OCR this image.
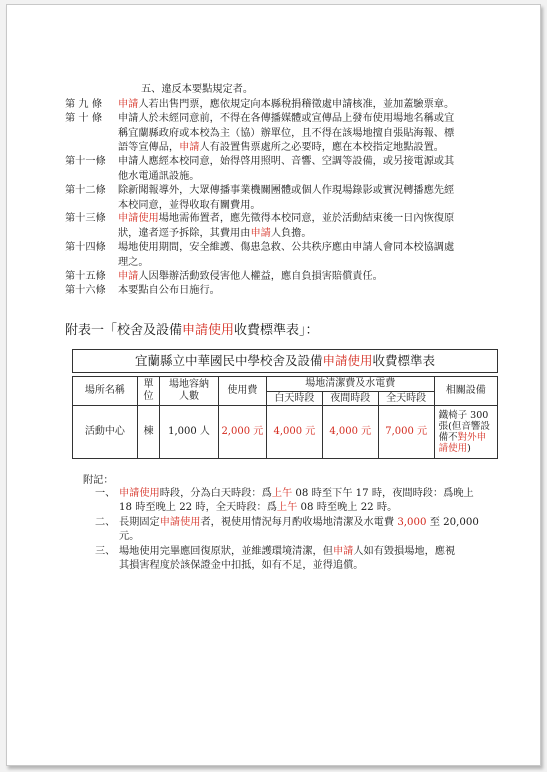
五、違反本要點規定者。
第 九 條 申請人若出售門票，應依規定向本縣稅捐稽徵處申請核准，並加蓋驗票章。
第 十 條 申請人於未經同意前，不得在各傳播媒體或宣傳品上發布使用場地名稱或宜
稱宜蘭縣政府或本校為主（協）辦單位，且不得在該場地擅自張貼海報、標
語等宣傳品，申請人有設置售票處所之必要時，應在本校指定地點設置。
第十一條 申請人應經本校同意，始得啓用照明、音響、空調等設備，或另接電源或其
他水電通訊設施。
第十二條 除新聞報導外，大眾傳播事業機關團體或個人作現場錄影或實況轉播應先經
本校同意，並得收取有關費用。
第十三條 申請使用場地需佈置者，應先徵得本校同意，並於活動結束後一日內恢復原
狀，違者逕予拆除，其費用由申請人負擔。
第十四條 場地使用期間，安全維護、傷患急救、公共秩序應由申請人會同本校協調處
理之。
第十五條 申請人因舉辦活動致侵害他人權益，應自負損害賠償責任。
第十六條 本要點自公布日施行。
附表一「校舍及設備申請使用收費標準表」：
宜蘭縣立中華國民中學校舍及設備申請使用收費標準表							

場所名稱	單位	場地容納人數	使用費	場地清潔費及水電費			相關設備
				白天時段	夜間時段	全天時段	
活動中心	棟	1,000 人	2,000 元	4,000 元	4,000 元	7,000 元	鐵椅子 300
張(但音響設
備不對外申
請使用)
附記：
一、 申請使用時段，分為白天時段：爲上午 08 時至下午 17 時，夜間時段：爲晚上
18 時至晚上 22 時，全天時段：爲上午 08 時至晚上 22 時。
二、 長期固定申請使用者，視使用情況每月酌收場地清潔及水電費 3,000 至 20,000
元。
三、 場地使用完畢應回復原狀，並維護環境清潔，但申請人如有毀損場地，應視
其損害程度於該保證金中扣抵，如有不足，並得追償。
